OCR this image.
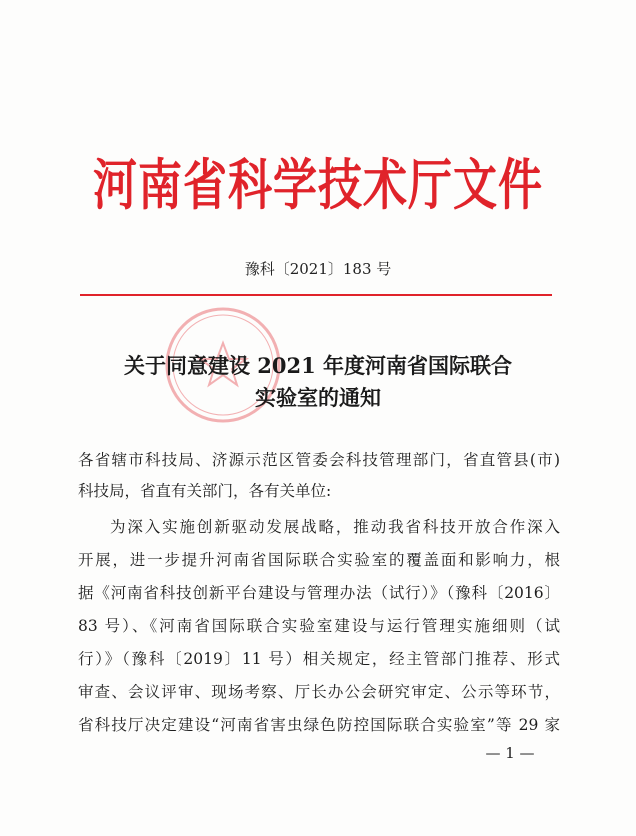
河南省科学技术厅文件
豫科〔2021〕183 号
关于同意建设 2021 年度河南省国际联合
实验室的通知
各省辖市科技局、济源示范区管委会科技管理部门，省直管县(市)
科技局，省直有关部门，各有关单位:
为深入实施创新驱动发展战略，推动我省科技开放合作深入
开展，进一步提升河南省国际联合实验室的覆盖面和影响力，根
据《河南省科技创新平台建设与管理办法（试行）》（豫科〔2016〕
83 号）、《河南省国际联合实验室建设与运行管理实施细则（试
行）》（豫科〔2019〕11 号）相关规定，经主管部门推荐、形式
审查、会议评审、现场考察、厅长办公会研究审定、公示等环节，
省科技厅决定建设“河南省害虫绿色防控国际联合实验室”等 29 家
— 1 —
